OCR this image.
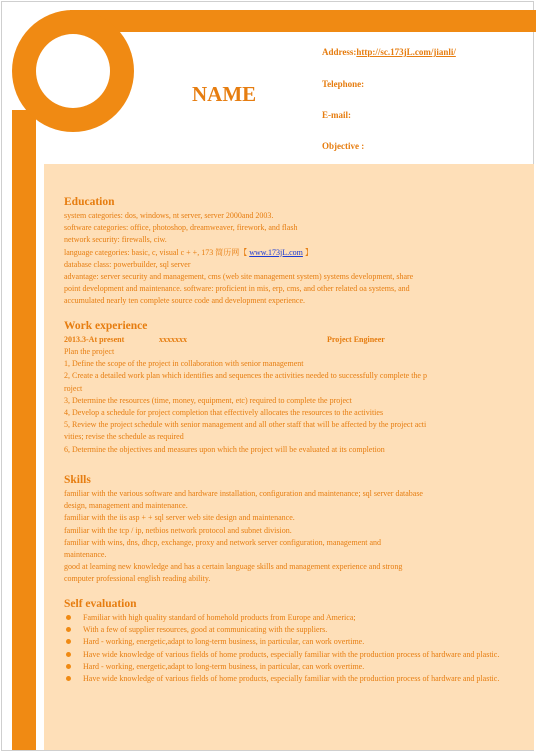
NAME
Address:http://sc.173jL.com/jianli/
Telephone:
E-mail:
Objective :
Education
system categories: dos, windows, nt server, server 2000and 2003.
software categories: office, photoshop, dreamweaver, firework, and flash
network security: firewalls, ciw.
language categories: basic, c, visual c + +, 173 简历网【 www.173jL.com 】
database class: powerbuilder, sql server
advantage: server security and management, cms (web site management system) systems development, share
point development and maintenance. software: proficient in mis, erp, cms, and other related oa systems, and
accumulated nearly ten complete source code and development experience.
Work experience
2013.3-At present	xxxxxxx	Project Engineer
Plan the project
1, Define the scope of the project in collaboration with senior management
2, Create a detailed work plan which identifies and sequences the activities needed to successfully complete the p
roject
3, Determine the resources (time, money, equipment, etc) required to complete the project
4, Develop a schedule for project completion that effectively allocates the resources to the activities
5, Review the project schedule with senior management and all other staff that will be affected by the project acti
vities; revise the schedule as required
6, Determine the objectives and measures upon which the project will be evaluated at its completion
Skills
familiar with the various software and hardware installation, configuration and maintenance; sql server database
design, management and maintenance.
familiar with the iis asp + + sql server web site design and maintenance.
familiar with the tcp / ip, netbios network protocol and subnet division.
familiar with wins, dns, dhcp, exchange, proxy and network server configuration, management and
maintenance.
good at learning new knowledge and has a certain language skills and management experience and strong
computer professional english reading ability.
Self evaluation
Familiar with high quality standard of homehold products from Europe and America;
With a few of supplier resources, good at communicating with the suppliers.
Hard - working, energetic,adapt to long-term business, in particular, can work overtime.
Have wide knowledge of various fields of home products, especially familiar with the production process of hardware and plastic.
Hard - working, energetic,adapt to long-term business, in particular, can work overtime.
Have wide knowledge of various fields of home products, especially familiar with the production process of hardware and plastic.
